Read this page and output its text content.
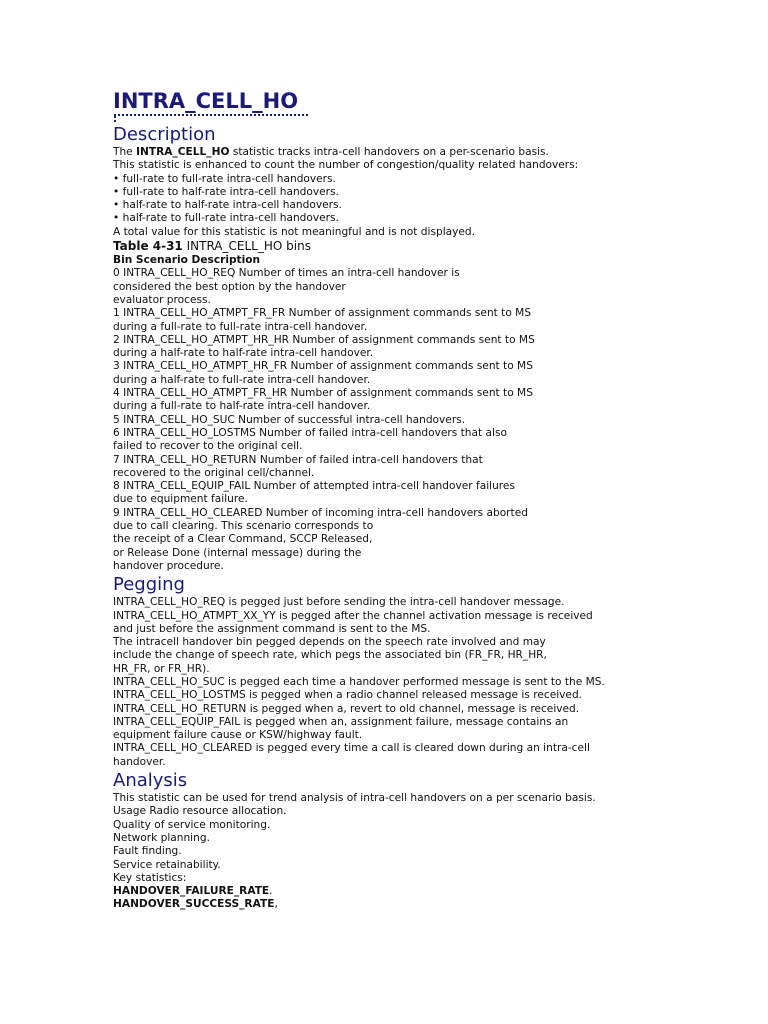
INTRA_CELL_HO
Description
The INTRA_CELL_HO statistic tracks intra-cell handovers on a per-scenario basis.
This statistic is enhanced to count the number of congestion/quality related handovers:
• full-rate to full-rate intra-cell handovers.
• full-rate to half-rate intra-cell handovers.
• half-rate to half-rate intra-cell handovers.
• half-rate to full-rate intra-cell handovers.
A total value for this statistic is not meaningful and is not displayed.
Table 4-31 INTRA_CELL_HO bins
Bin Scenario Description
0 INTRA_CELL_HO_REQ Number of times an intra-cell handover is
considered the best option by the handover
evaluator process.
1 INTRA_CELL_HO_ATMPT_FR_FR Number of assignment commands sent to MS
during a full-rate to full-rate intra-cell handover.
2 INTRA_CELL_HO_ATMPT_HR_HR Number of assignment commands sent to MS
during a half-rate to half-rate intra-cell handover.
3 INTRA_CELL_HO_ATMPT_HR_FR Number of assignment commands sent to MS
during a half-rate to full-rate intra-cell handover.
4 INTRA_CELL_HO_ATMPT_FR_HR Number of assignment commands sent to MS
during a full-rate to half-rate intra-cell handover.
5 INTRA_CELL_HO_SUC Number of successful intra-cell handovers.
6 INTRA_CELL_HO_LOSTMS Number of failed intra-cell handovers that also
failed to recover to the original cell.
7 INTRA_CELL_HO_RETURN Number of failed intra-cell handovers that
recovered to the original cell/channel.
8 INTRA_CELL_EQUIP_FAIL Number of attempted intra-cell handover failures
due to equipment failure.
9 INTRA_CELL_HO_CLEARED Number of incoming intra-cell handovers aborted
due to call clearing. This scenario corresponds to
the receipt of a Clear Command, SCCP Released,
or Release Done (internal message) during the
handover procedure.
Pegging
INTRA_CELL_HO_REQ is pegged just before sending the intra-cell handover message.
INTRA_CELL_HO_ATMPT_XX_YY is pegged after the channel activation message is received
and just before the assignment command is sent to the MS.
The intracell handover bin pegged depends on the speech rate involved and may
include the change of speech rate, which pegs the associated bin (FR_FR, HR_HR,
HR_FR, or FR_HR).
INTRA_CELL_HO_SUC is pegged each time a handover performed message is sent to the MS.
INTRA_CELL_HO_LOSTMS is pegged when a radio channel released message is received.
INTRA_CELL_HO_RETURN is pegged when a, revert to old channel, message is received.
INTRA_CELL_EQUIP_FAIL is pegged when an, assignment failure, message contains an
equipment failure cause or KSW/highway fault.
INTRA_CELL_HO_CLEARED is pegged every time a call is cleared down during an intra-cell
handover.
Analysis
This statistic can be used for trend analysis of intra-cell handovers on a per scenario basis.
Usage Radio resource allocation.
Quality of service monitoring.
Network planning.
Fault finding.
Service retainability.
Key statistics:
HANDOVER_FAILURE_RATE.
HANDOVER_SUCCESS_RATE,
